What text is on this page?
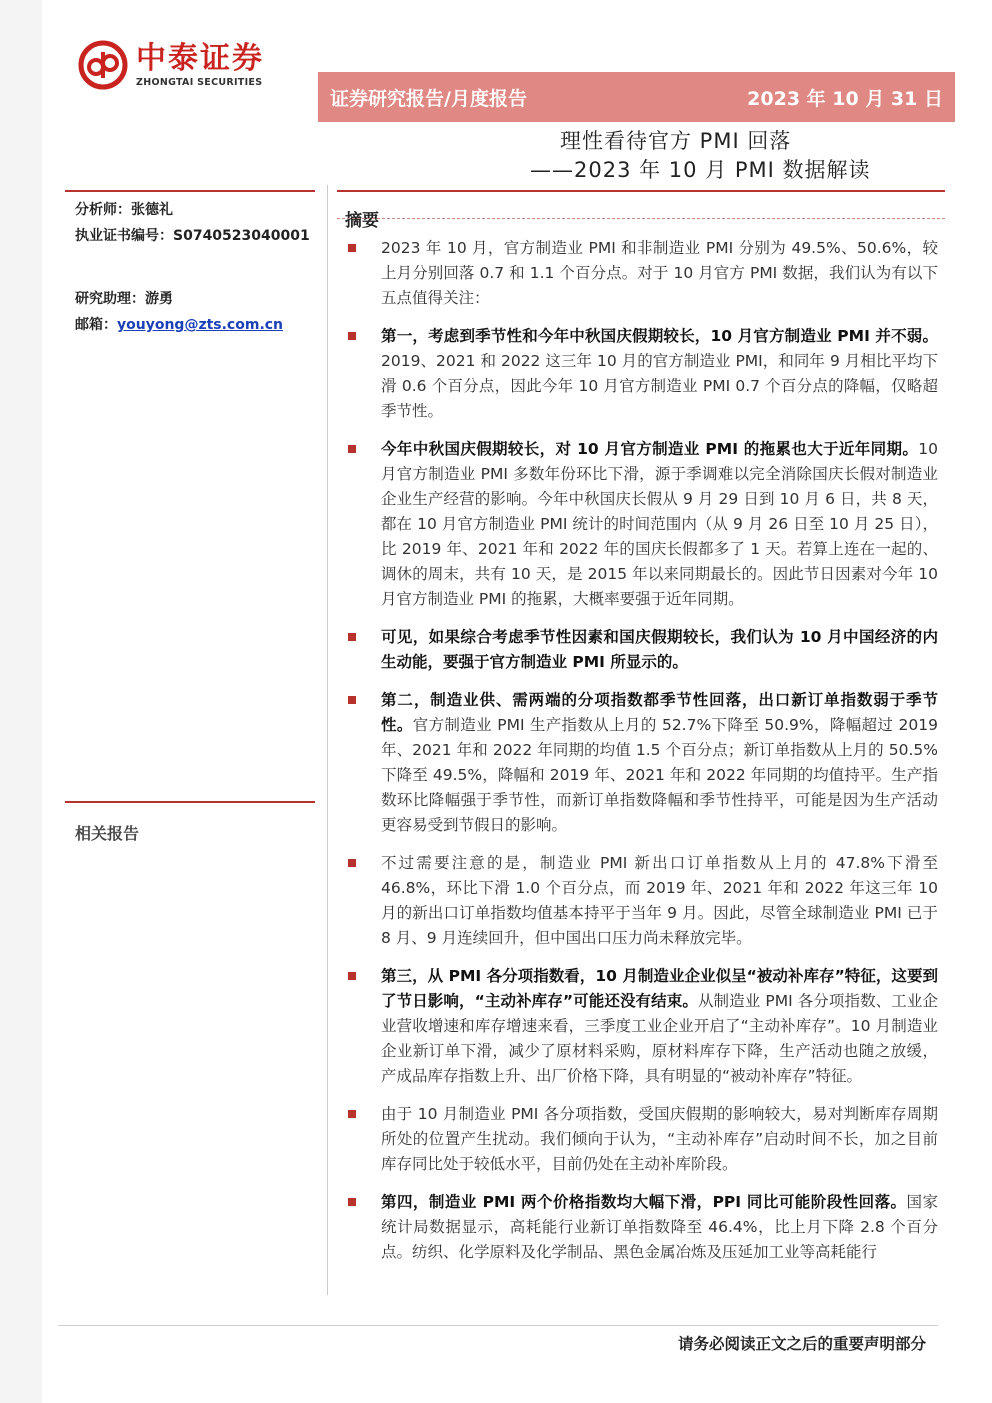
中泰证券
ZHONGTAI SECURITIES
证券研究报告/月度报告	2023 年 10 月 31 日
理性看待官方 PMI 回落
——2023 年 10 月 PMI 数据解读
分析师：张德礼
执业证书编号：S0740523040001
研究助理：游勇
邮箱：youyong@zts.com.cn
相关报告
摘要
2023 年 10 月，官方制造业 PMI 和非制造业 PMI 分别为 49.5%、50.6%，较上月分别回落 0.7 和 1.1 个百分点。对于 10 月官方 PMI 数据，我们认为有以下五点值得关注：
第一，考虑到季节性和今年中秋国庆假期较长，10 月官方制造业 PMI 并不弱。2019、2021 和 2022 这三年 10 月的官方制造业 PMI，和同年 9 月相比平均下滑 0.6 个百分点，因此今年 10 月官方制造业 PMI 0.7 个百分点的降幅，仅略超季节性。
今年中秋国庆假期较长，对 10 月官方制造业 PMI 的拖累也大于近年同期。10 月官方制造业 PMI 多数年份环比下滑，源于季调难以完全消除国庆长假对制造业企业生产经营的影响。今年中秋国庆长假从 9 月 29 日到 10 月 6 日，共 8 天，都在 10 月官方制造业 PMI 统计的时间范围内（从 9 月 26 日至 10 月 25 日），比 2019 年、2021 年和 2022 年的国庆长假都多了 1 天。若算上连在一起的、调休的周末，共有 10 天，是 2015 年以来同期最长的。因此节日因素对今年 10 月官方制造业 PMI 的拖累，大概率要强于近年同期。
可见，如果综合考虑季节性因素和国庆假期较长，我们认为 10 月中国经济的内生动能，要强于官方制造业 PMI 所显示的。
第二，制造业供、需两端的分项指数都季节性回落，出口新订单指数弱于季节性。官方制造业 PMI 生产指数从上月的 52.7%下降至 50.9%，降幅超过 2019 年、2021 年和 2022 年同期的均值 1.5 个百分点；新订单指数从上月的 50.5%下降至 49.5%，降幅和 2019 年、2021 年和 2022 年同期的均值持平。生产指数环比降幅强于季节性，而新订单指数降幅和季节性持平，可能是因为生产活动更容易受到节假日的影响。
不过需要注意的是，制造业 PMI 新出口订单指数从上月的 47.8%下滑至 46.8%，环比下滑 1.0 个百分点，而 2019 年、2021 年和 2022 年这三年 10 月的新出口订单指数均值基本持平于当年 9 月。因此，尽管全球制造业 PMI 已于 8 月、9 月连续回升，但中国出口压力尚未释放完毕。
第三，从 PMI 各分项指数看，10 月制造业企业似呈“被动补库存”特征，这要到了节日影响，“主动补库存”可能还没有结束。从制造业 PMI 各分项指数、工业企业营收增速和库存增速来看，三季度工业企业开启了“主动补库存”。10 月制造业企业新订单下滑，减少了原材料采购，原材料库存下降，生产活动也随之放缓，产成品库存指数上升、出厂价格下降，具有明显的“被动补库存”特征。
由于 10 月制造业 PMI 各分项指数，受国庆假期的影响较大，易对判断库存周期所处的位置产生扰动。我们倾向于认为，“主动补库存”启动时间不长，加之目前库存同比处于较低水平，目前仍处在主动补库阶段。
第四，制造业 PMI 两个价格指数均大幅下滑，PPI 同比可能阶段性回落。国家统计局数据显示，高耗能行业新订单指数降至 46.4%，比上月下降 2.8 个百分点。纺织、化学原料及化学制品、黑色金属冶炼及压延加工业等高耗能行
请务必阅读正文之后的重要声明部分
